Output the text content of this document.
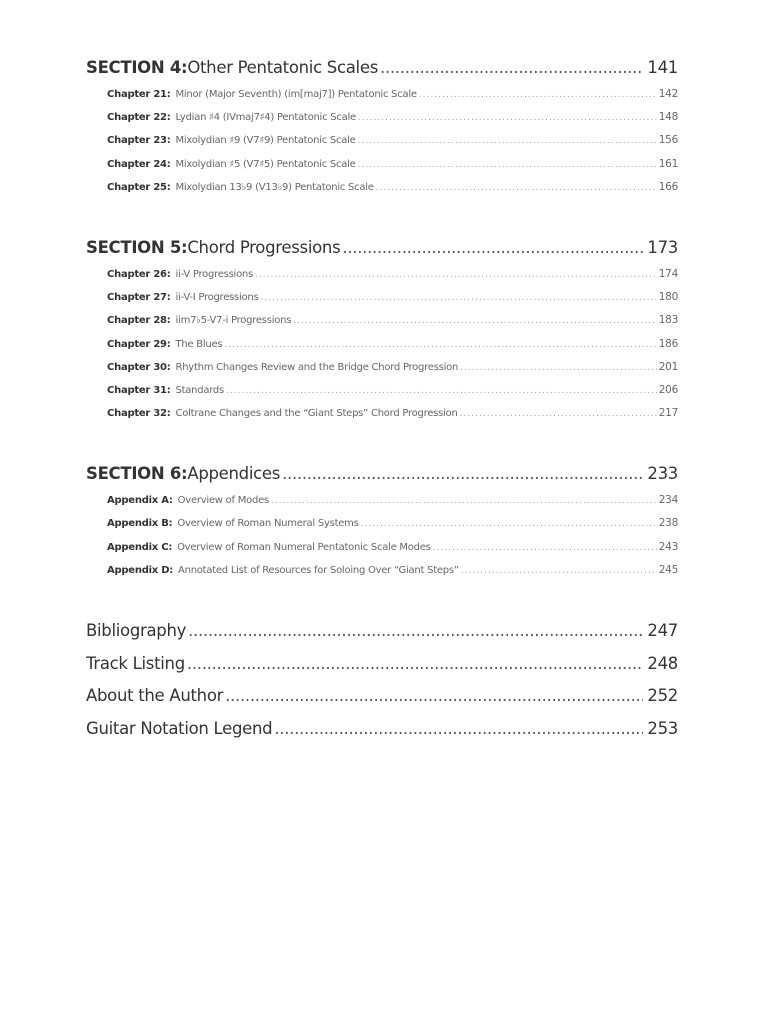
SECTION 4: Other Pentatonic Scales .....	141
Chapter 21: Minor (Major Seventh) (im[maj7]) Pentatonic Scale .....	142
Chapter 22: Lydian ♯4 (IVmaj7♯4) Pentatonic Scale .....	148
Chapter 23: Mixolydian ♯9 (V7♯9) Pentatonic Scale .....	156
Chapter 24: Mixolydian ♯5 (V7♯5) Pentatonic Scale .....	161
Chapter 25: Mixolydian 13♭9 (V13♭9) Pentatonic Scale .....	166
SECTION 5: Chord Progressions .....	173
Chapter 26: ii-V Progressions .....	174
Chapter 27: ii-V-I Progressions .....	180
Chapter 28: iim7♭5-V7-i Progressions .....	183
Chapter 29: The Blues .....	186
Chapter 30: Rhythm Changes Review and the Bridge Chord Progression .....	201
Chapter 31: Standards .....	206
Chapter 32: Coltrane Changes and the “Giant Steps” Chord Progression .....	217
SECTION 6: Appendices .....	233
Appendix A: Overview of Modes .....	234
Appendix B: Overview of Roman Numeral Systems .....	238
Appendix C: Overview of Roman Numeral Pentatonic Scale Modes .....	243
Appendix D: Annotated List of Resources for Soloing Over “Giant Steps” .....	245
Bibliography .....	247
Track Listing .....	248
About the Author .....	252
Guitar Notation Legend .....	253
